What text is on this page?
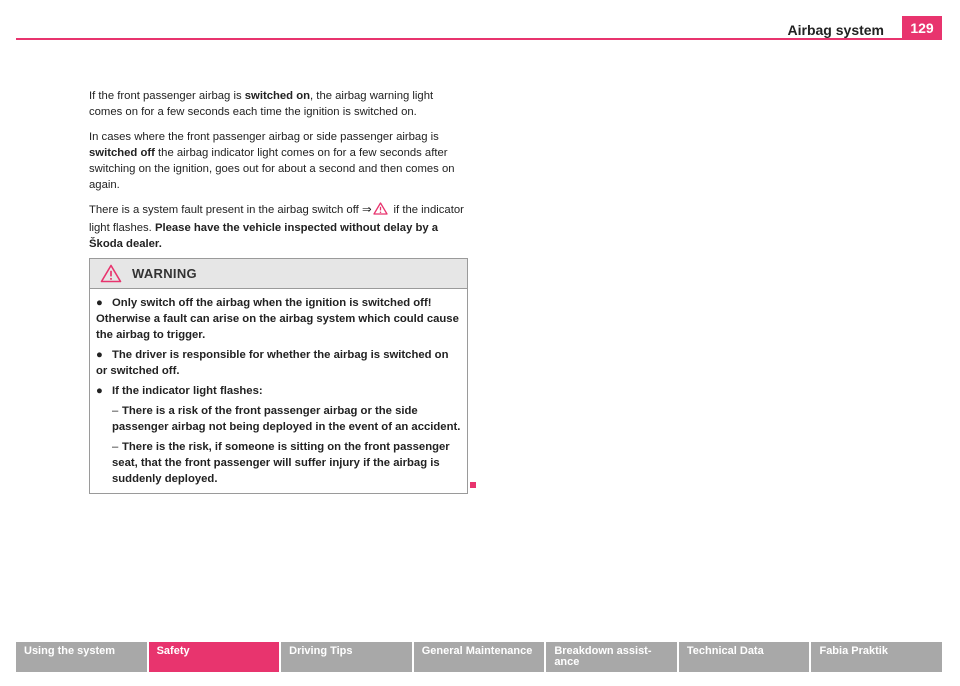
Airbag system	129

If the front passenger airbag is switched on, the airbag warning light comes on for a few seconds each time the ignition is switched on.

In cases where the front passenger airbag or side passenger airbag is switched off the airbag indicator light comes on for a few seconds after switching on the ignition, goes out for about a second and then comes on again.

There is a system fault present in the airbag switch off ⇒ if the indicator light flashes. Please have the vehicle inspected without delay by a Škoda dealer.

WARNING
● Only switch off the airbag when the ignition is switched off! Otherwise a fault can arise on the airbag system which could cause the airbag to trigger.
● The driver is responsible for whether the airbag is switched on or switched off.
● If the indicator light flashes:
– There is a risk of the front passenger airbag or the side passenger airbag not being deployed in the event of an accident.
– There is the risk, if someone is sitting on the front passenger seat, that the front passenger will suffer injury if the airbag is suddenly deployed.
Using the system	Safety	Driving Tips	General Maintenance	Breakdown assistance
Technical Data	Fabia Praktik
